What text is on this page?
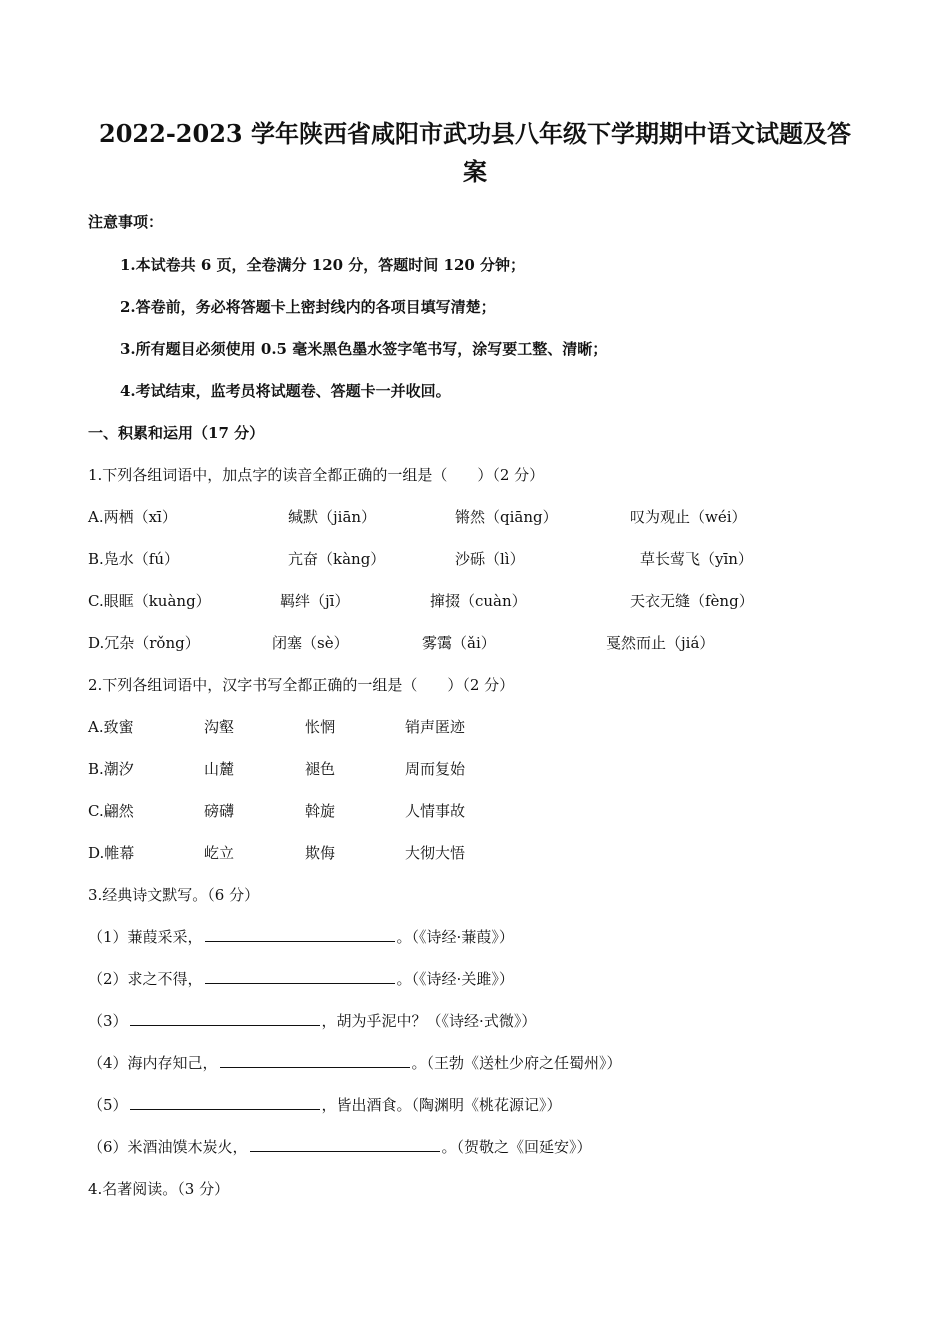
2022-2023 学年陕西省咸阳市武功县八年级下学期期中语文试题及答
案
注意事项：
1.本试卷共 6 页，全卷满分 120 分，答题时间 120 分钟；
2.答卷前，务必将答题卡上密封线内的各项目填写清楚；
3.所有题目必须使用 0.5 毫米黑色墨水签字笔书写，涂写要工整、清晰；
4.考试结束，监考员将试题卷、答题卡一并收回。
一、积累和运用（17 分）
1.下列各组词语中，加点字的读音全都正确的一组是（　　）（2 分）
A.两栖（xī）	缄默（jiān）	锵然（qiāng）	叹为观止（wéi）
B.凫水（fú）	亢奋（kàng）	沙砾（lì）	草长莺飞（yīn）
C.眼眶（kuàng）	羁绊（jī）	撺掇（cuàn）	天衣无缝（fèng）
D.冗杂（rǒng）	闭塞（sè）	雾霭（ǎi）	戛然而止（jiá）
2.下列各组词语中，汉字书写全都正确的一组是（　　）（2 分）
A.致蜜	沟壑	怅惘	销声匿迹
B.潮汐	山麓	褪色	周而复始
C.翩然	磅礴	斡旋	人情事故
D.帷幕	屹立	欺侮	大彻大悟
3.经典诗文默写。（6 分）
（1）蒹葭采采，	。（《诗经·蒹葭》）
（2）求之不得，	。（《诗经·关雎》）
（3）	，胡为乎泥中？（《诗经·式微》）
（4）海内存知己，	。（王勃《送杜少府之任蜀州》）
（5）	，皆出酒食。（陶渊明《桃花源记》）
（6）米酒油馍木炭火，	。（贺敬之《回延安》）
4.名著阅读。（3 分）
